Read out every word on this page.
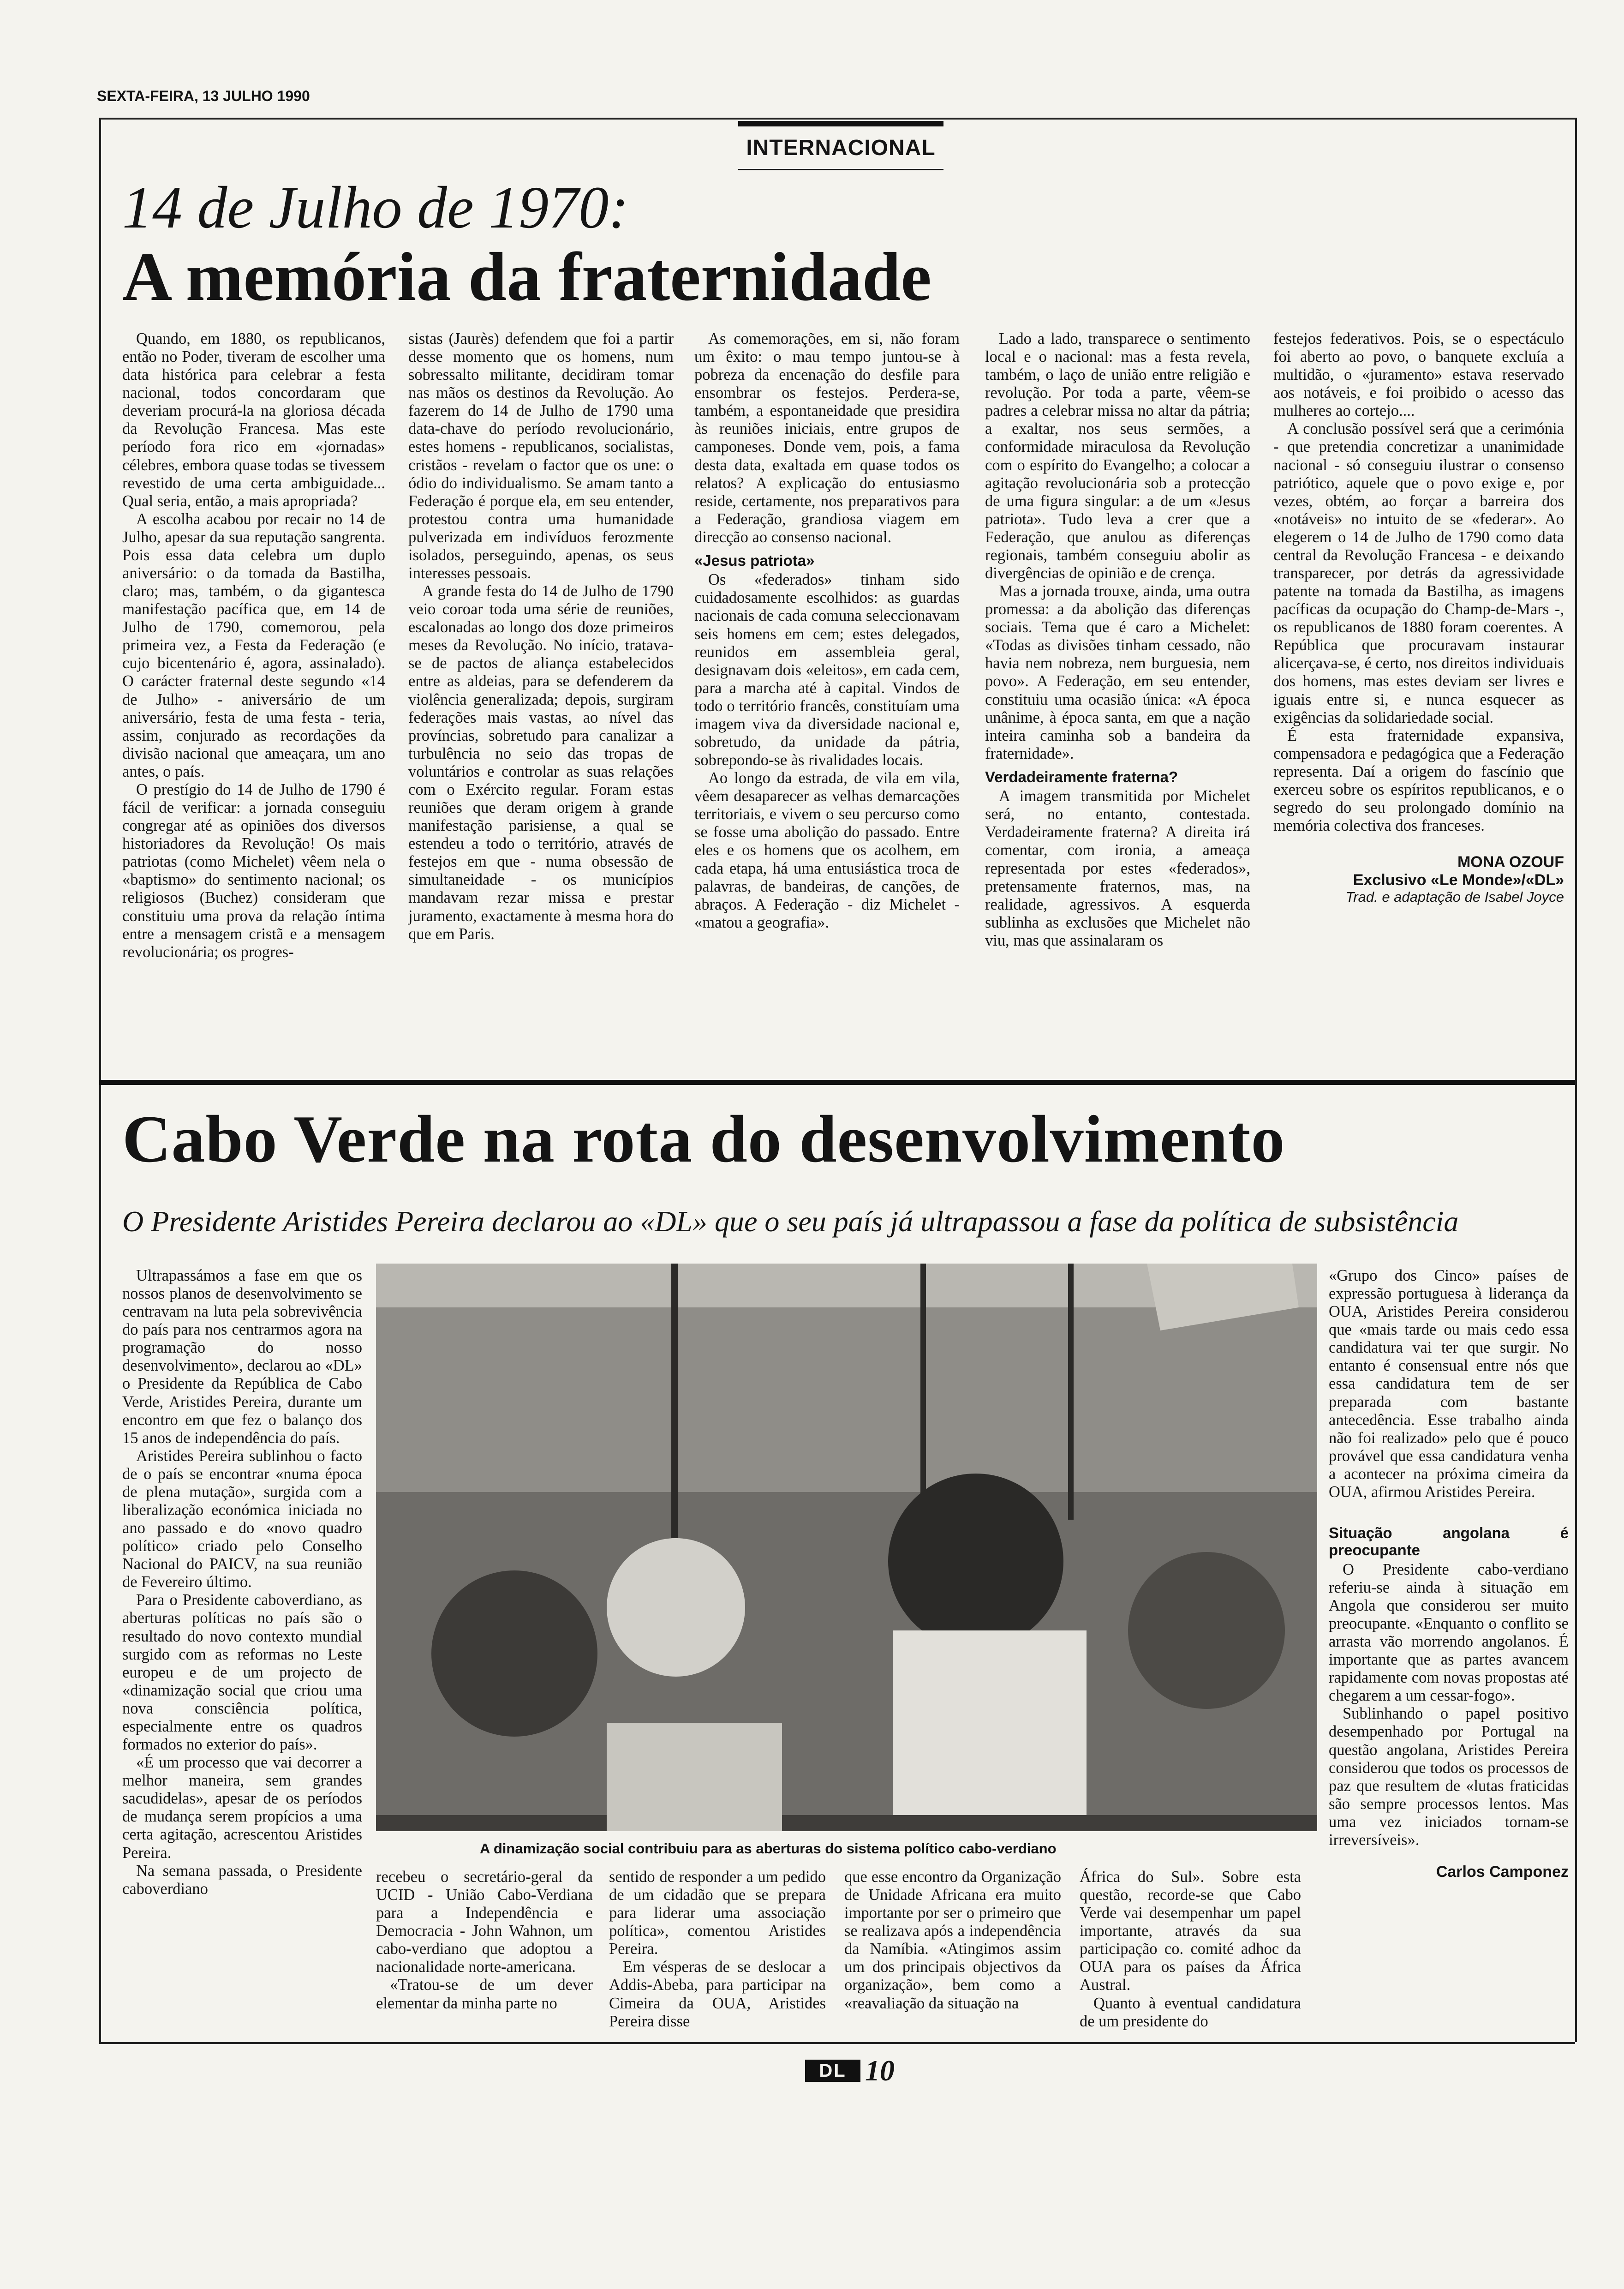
SEXTA-FEIRA, 13 JULHO 1990
INTERNACIONAL
14 de Julho de 1970:
A memória da fraternidade

Quando, em 1880, os republicanos, então no Poder, tiveram de escolher uma data histórica para celebrar a festa nacional, todos concordaram que deveriam procurá-la na gloriosa década da Revolução Francesa. Mas este período fora rico em «jornadas» célebres, embora quase todas se tivessem revestido de uma certa ambiguidade... Qual seria, então, a mais apropriada?

A escolha acabou por recair no 14 de Julho, apesar da sua reputação sangrenta. Pois essa data celebra um duplo aniversário: o da tomada da Bastilha, claro; mas, também, o da gigantesca manifestação pacífica que, em 14 de Julho de 1790, comemorou, pela primeira vez, a Festa da Federação (e cujo bicentenário é, agora, assinalado). O carácter fraternal deste segundo «14 de Julho» - aniversário de um aniversário, festa de uma festa - teria, assim, conjurado as recordações da divisão nacional que ameaçara, um ano antes, o país.

O prestígio do 14 de Julho de 1790 é fácil de verificar: a jornada conseguiu congregar até as opiniões dos diversos historiadores da Revolução! Os mais patriotas (como Michelet) vêem nela o «baptismo» do sentimento nacional; os religiosos (Buchez) consideram que constituiu uma prova da relação íntima entre a mensagem cristã e a mensagem revolucionária; os progres-

sistas (Jaurès) defendem que foi a partir desse momento que os homens, num sobressalto militante, decidiram tomar nas mãos os destinos da Revolução. Ao fazerem do 14 de Julho de 1790 uma data-chave do período revolucionário, estes homens - republicanos, socialistas, cristãos - revelam o factor que os une: o ódio do individualismo. Se amam tanto a Federação é porque ela, em seu entender, protestou contra uma humanidade pulverizada em indivíduos ferozmente isolados, perseguindo, apenas, os seus interesses pessoais.

A grande festa do 14 de Julho de 1790 veio coroar toda uma série de reuniões, escalonadas ao longo dos doze primeiros meses da Revolução. No início, tratava-se de pactos de aliança estabelecidos entre as aldeias, para se defenderem da violência generalizada; depois, surgiram federações mais vastas, ao nível das províncias, sobretudo para canalizar a turbulência no seio das tropas de voluntários e controlar as suas relações com o Exército regular. Foram estas reuniões que deram origem à grande manifestação parisiense, a qual se estendeu a todo o território, através de festejos em que - numa obsessão de simultaneidade - os municípios mandavam rezar missa e prestar juramento, exactamente à mesma hora do que em Paris.

As comemorações, em si, não foram um êxito: o mau tempo juntou-se à pobreza da encenação do desfile para ensombrar os festejos. Perdera-se, também, a espontaneidade que presidira às reuniões iniciais, entre grupos de camponeses. Donde vem, pois, a fama desta data, exaltada em quase todos os relatos? A explicação do entusiasmo reside, certamente, nos preparativos para a Federação, grandiosa viagem em direcção ao consenso nacional.

«Jesus patriota»

Os «federados» tinham sido cuidadosamente escolhidos: as guardas nacionais de cada comuna seleccionavam seis homens em cem; estes delegados, reunidos em assembleia geral, designavam dois «eleitos», em cada cem, para a marcha até à capital. Vindos de todo o território francês, constituíam uma imagem viva da diversidade nacional e, sobretudo, da unidade da pátria, sobrepondo-se às rivalidades locais.

Ao longo da estrada, de vila em vila, vêem desaparecer as velhas demarcações territoriais, e vivem o seu percurso como se fosse uma abolição do passado. Entre eles e os homens que os acolhem, em cada etapa, há uma entusiástica troca de palavras, de bandeiras, de canções, de abraços. A Federação - diz Michelet - «matou a geografia».

Lado a lado, transparece o sentimento local e o nacional: mas a festa revela, também, o laço de união entre religião e revolução. Por toda a parte, vêem-se padres a celebrar missa no altar da pátria; a exaltar, nos seus sermões, a conformidade miraculosa da Revolução com o espírito do Evangelho; a colocar a agitação revolucionária sob a protecção de uma figura singular: a de um «Jesus patriota». Tudo leva a crer que a Federação, que anulou as diferenças regionais, também conseguiu abolir as divergências de opinião e de crença.

Mas a jornada trouxe, ainda, uma outra promessa: a da abolição das diferenças sociais. Tema que é caro a Michelet: «Todas as divisões tinham cessado, não havia nem nobreza, nem burguesia, nem povo». A Federação, em seu entender, constituiu uma ocasião única: «A época unânime, à época santa, em que a nação inteira caminha sob a bandeira da fraternidade».

Verdadeiramente fraterna?

A imagem transmitida por Michelet será, no entanto, contestada. Verdadeiramente fraterna? A direita irá comentar, com ironia, a ameaça representada por estes «federados», pretensamente fraternos, mas, na realidade, agressivos. A esquerda sublinha as exclusões que Michelet não viu, mas que assinalaram os

festejos federativos. Pois, se o espectáculo foi aberto ao povo, o banquete excluía a multidão, o «juramento» estava reservado aos notáveis, e foi proibido o acesso das mulheres ao cortejo....

A conclusão possível será que a cerimónia - que pretendia concretizar a unanimidade nacional - só conseguiu ilustrar o consenso patriótico, aquele que o povo exige e, por vezes, obtém, ao forçar a barreira dos «notáveis» no intuito de se «federar». Ao elegerem o 14 de Julho de 1790 como data central da Revolução Francesa - e deixando transparecer, por detrás da agressividade patente na tomada da Bastilha, as imagens pacíficas da ocupação do Champ-de-Mars -, os republicanos de 1880 foram coerentes. A República que procuravam instaurar alicerçava-se, é certo, nos direitos individuais dos homens, mas estes deviam ser livres e iguais entre si, e nunca esquecer as exigências da solidariedade social.

É esta fraternidade expansiva, compensadora e pedagógica que a Federação representa. Daí a origem do fascínio que exerceu sobre os espíritos republicanos, e o segredo do seu prolongado domínio na memória colectiva dos franceses.

MONA OZOUF
Exclusivo «Le Monde»/«DL»
Trad. e adaptação de Isabel Joyce
Cabo Verde na rota do desenvolvimento
O Presidente Aristides Pereira declarou ao «DL» que o seu país já ultrapassou a fase da política de subsistência

Ultrapassámos a fase em que os nossos planos de desenvolvimento se centravam na luta pela sobrevivência do país para nos centrarmos agora na programação do nosso desenvolvimento», declarou ao «DL» o Presidente da República de Cabo Verde, Aristides Pereira, durante um encontro em que fez o balanço dos 15 anos de independência do país.

Aristides Pereira sublinhou o facto de o país se encontrar «numa época de plena mutação», surgida com a liberalização económica iniciada no ano passado e do «novo quadro político» criado pelo Conselho Nacional do PAICV, na sua reunião de Fevereiro último.

Para o Presidente caboverdiano, as aberturas políticas no país são o resultado do novo contexto mundial surgido com as reformas no Leste europeu e de um projecto de «dinamização social que criou uma nova consciência política, especialmente entre os quadros formados no exterior do país».

«É um processo que vai decorrer a melhor maneira, sem grandes sacudidelas», apesar de os períodos de mudança serem propícios a uma certa agitação, acrescentou Aristides Pereira.

Na semana passada, o Presidente caboverdiano

A dinamização social contribuiu para as aberturas do sistema político cabo-verdiano

recebeu o secretário-geral da UCID - União Cabo-Verdiana para a Independência e Democracia - John Wahnon, um cabo-verdiano que adoptou a nacionalidade norte-americana.

«Tratou-se de um dever elementar da minha parte no

sentido de responder a um pedido de um cidadão que se prepara para liderar uma associação política», comentou Aristides Pereira.

Em vésperas de se deslocar a Addis-Abeba, para participar na Cimeira da OUA, Aristides Pereira disse

que esse encontro da Organização de Unidade Africana era muito importante por ser o primeiro que se realizava após a independência da Namíbia. «Atingimos assim um dos principais objectivos da organização», bem como a «reavaliação da situação na

África do Sul». Sobre esta questão, recorde-se que Cabo Verde vai desempenhar um papel importante, através da sua participação co. comité adhoc da OUA para os países da África Austral.

Quanto à eventual candidatura de um presidente do

«Grupo dos Cinco» países de expressão portuguesa à liderança da OUA, Aristides Pereira considerou que «mais tarde ou mais cedo essa candidatura vai ter que surgir. No entanto é consensual entre nós que essa candidatura tem de ser preparada com bastante antecedência. Esse trabalho ainda não foi realizado» pelo que é pouco provável que essa candidatura venha a acontecer na próxima cimeira da OUA, afirmou Aristides Pereira.

Situação angolana é preocupante

O Presidente cabo-verdiano referiu-se ainda à situação em Angola que considerou ser muito preocupante. «Enquanto o conflito se arrasta vão morrendo angolanos. É importante que as partes avancem rapidamente com novas propostas até chegarem a um cessar-fogo».

Sublinhando o papel positivo desempenhado por Portugal na questão angolana, Aristides Pereira considerou que todos os processos de paz que resultem de «lutas fraticidas são sempre processos lentos. Mas uma vez iniciados tornam-se irreversíveis».

Carlos Camponez
DL 10
